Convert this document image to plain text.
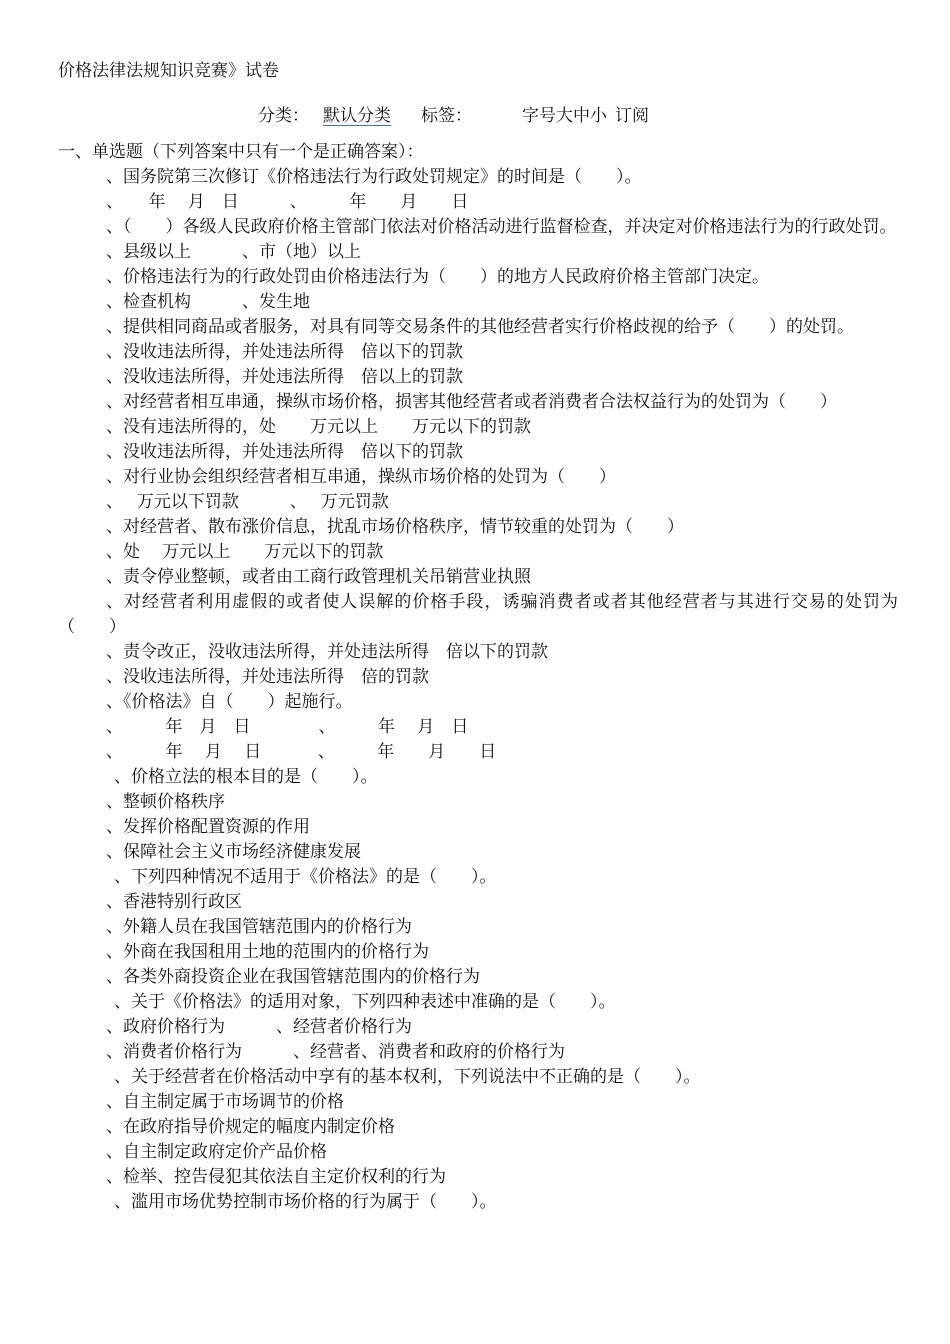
价格法律法规知识竞赛》试卷
分类： 默认分类 标签：	字号大中小 订阅
一、单选题（下列答案中只有一个是正确答案）：
、国务院第三次修订《价格违法行为行政处罚规定》的时间是（　　）。
、　　年　 月　日　　　、　　　年　　月　　日
、（　　）各级人民政府价格主管部门依法对价格活动进行监督检查，并决定对价格违法行为的行政处罚。
、县级以上　　　、市（地）以上
、价格违法行为的行政处罚由价格违法行为（　　）的地方人民政府价格主管部门决定。
、检查机构　　　、发生地
、提供相同商品或者服务，对具有同等交易条件的其他经营者实行价格歧视的给予（　　）的处罚。
、没收违法所得，并处违法所得　倍以下的罚款
、没收违法所得，并处违法所得　倍以上的罚款
、对经营者相互串通，操纵市场价格，损害其他经营者或者消费者合法权益行为的处罚为（　　）
、没有违法所得的，处　　万元以上　　万元以下的罚款
、没收违法所得，并处违法所得　倍以下的罚款
、对行业协会组织经营者相互串通，操纵市场价格的处罚为（　　）
、　 万元以下罚款　　　、　 万元罚款
、对经营者、散布涨价信息，扰乱市场价格秩序，情节较重的处罚为（　　）
、处　 万元以上　　万元以下的罚款
、责令停业整顿，或者由工商行政管理机关吊销营业执照
、对经营者利用虚假的或者使人误解的价格手段，诱骗消费者或者其他经营者与其进行交易的处罚为（　　）
、责令改正，没收违法所得，并处违法所得　倍以下的罚款
、没收违法所得，并处违法所得　倍的罚款
、《价格法》自（　　）起施行。
、　　　年　月　日　　　　、　　　年　 月　日
、　　　年　 月　 日　　　 、　　　年　　月　　日
、价格立法的根本目的是（　　）。
、整顿价格秩序
、发挥价格配置资源的作用
、保障社会主义市场经济健康发展
、下列四种情况不适用于《价格法》的是（　　）。
、香港特别行政区
、外籍人员在我国管辖范围内的价格行为
、外商在我国租用土地的范围内的价格行为
、各类外商投资企业在我国管辖范围内的价格行为
、关于《价格法》的适用对象，下列四种表述中准确的是（　　）。
、政府价格行为　　　、经营者价格行为
、消费者价格行为　　　、经营者、消费者和政府的价格行为
、关于经营者在价格活动中享有的基本权利，下列说法中不正确的是（　　）。
、自主制定属于市场调节的价格
、在政府指导价规定的幅度内制定价格
、自主制定政府定价产品价格
、检举、控告侵犯其依法自主定价权利的行为
、滥用市场优势控制市场价格的行为属于（　　）。
